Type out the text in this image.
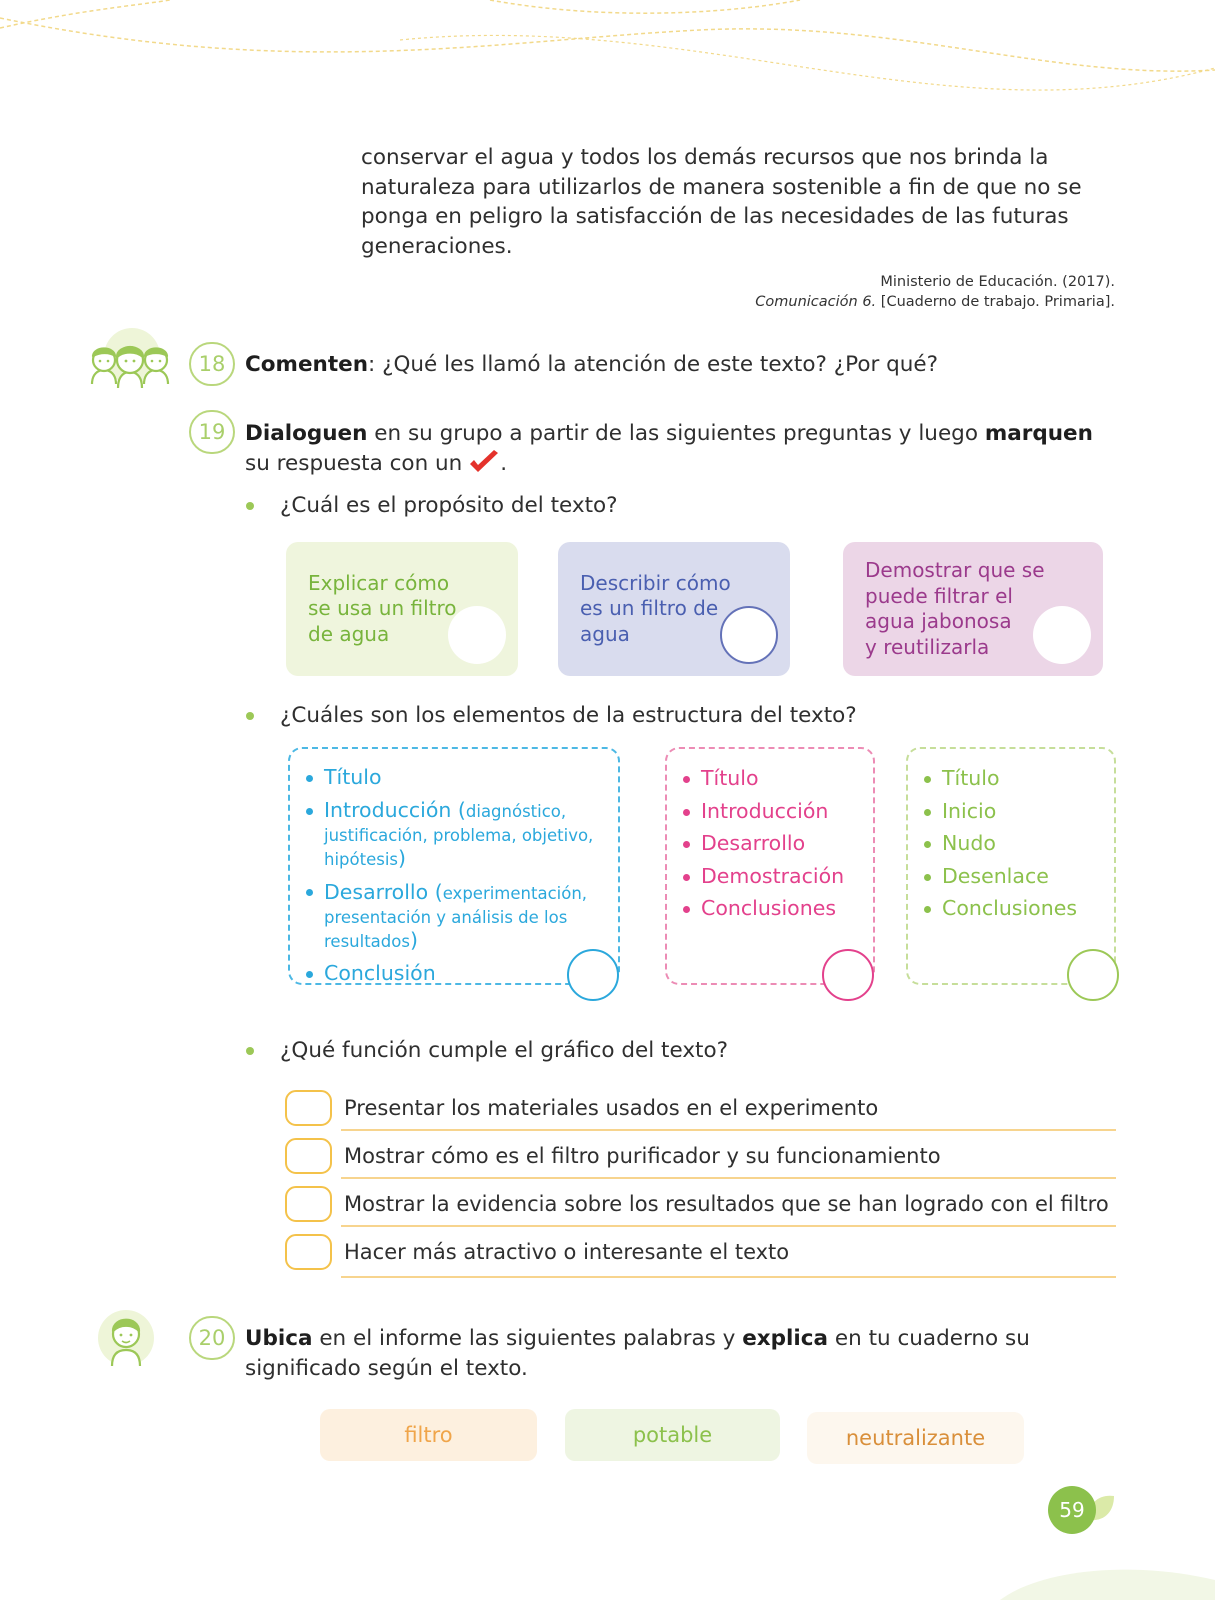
conservar el agua y todos los demás recursos que nos brinda la
naturaleza para utilizarlos de manera sostenible a fin de que no se
ponga en peligro la satisfacción de las necesidades de las futuras
generaciones.
Ministerio de Educación. (2017).
Comunicación 6. [Cuaderno de trabajo. Primaria].
18 Comenten: ¿Qué les llamó la atención de este texto? ¿Por qué?
19 Dialoguen en su grupo a partir de las siguientes preguntas y luego marquen
su respuesta con un .
¿Cuál es el propósito del texto?
Explicar cómo
se usa un filtro
de agua
Describir cómo
es un filtro de
agua
Demostrar que se
puede filtrar el
agua jabonosa
y reutilizarla
¿Cuáles son los elementos de la estructura del texto?
Título
Introducción (diagnóstico,
justificación, problema, objetivo,
hipótesis)
Desarrollo (experimentación,
presentación y análisis de los
resultados)
Conclusión
Título
Introducción
Desarrollo
Demostración
Conclusiones
Título
Inicio
Nudo
Desenlace
Conclusiones
¿Qué función cumple el gráfico del texto?
Presentar los materiales usados en el experimento
Mostrar cómo es el filtro purificador y su funcionamiento
Mostrar la evidencia sobre los resultados que se han logrado con el filtro
Hacer más atractivo o interesante el texto
20 Ubica en el informe las siguientes palabras y explica en tu cuaderno su
significado según el texto.
filtro	potable	neutralizante
59
